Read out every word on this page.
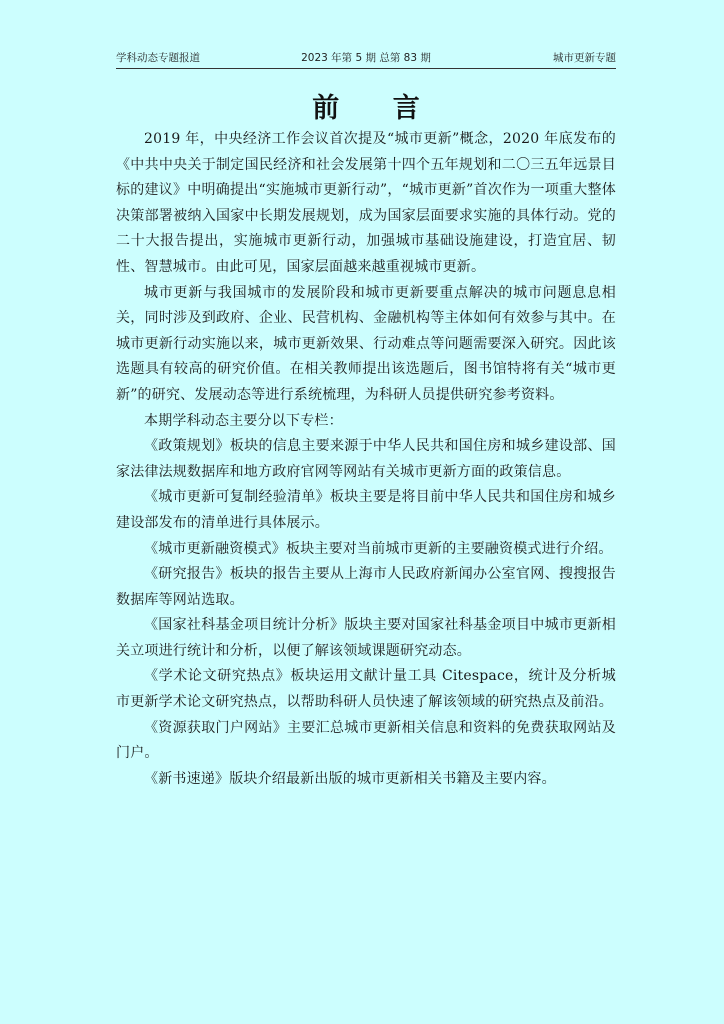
学科动态专题报道	2023 年第 5 期 总第 83 期	城市更新专题
前 言

2019 年，中央经济工作会议首次提及“城市更新”概念，2020 年底发布的《中共中央关于制定国民经济和社会发展第十四个五年规划和二〇三五年远景目标的建议》中明确提出“实施城市更新行动”，“城市更新”首次作为一项重大整体决策部署被纳入国家中长期发展规划，成为国家层面要求实施的具体行动。党的二十大报告提出，实施城市更新行动，加强城市基础设施建设，打造宜居、韧性、智慧城市。由此可见，国家层面越来越重视城市更新。

城市更新与我国城市的发展阶段和城市更新要重点解决的城市问题息息相关，同时涉及到政府、企业、民营机构、金融机构等主体如何有效参与其中。在城市更新行动实施以来，城市更新效果、行动难点等问题需要深入研究。因此该选题具有较高的研究价值。在相关教师提出该选题后，图书馆特将有关“城市更新”的研究、发展动态等进行系统梳理，为科研人员提供研究参考资料。

本期学科动态主要分以下专栏：

《政策规划》板块的信息主要来源于中华人民共和国住房和城乡建设部、国家法律法规数据库和地方政府官网等网站有关城市更新方面的政策信息。

《城市更新可复制经验清单》板块主要是将目前中华人民共和国住房和城乡建设部发布的清单进行具体展示。

《城市更新融资模式》板块主要对当前城市更新的主要融资模式进行介绍。

《研究报告》板块的报告主要从上海市人民政府新闻办公室官网、搜搜报告数据库等网站选取。

《国家社科基金项目统计分析》版块主要对国家社科基金项目中城市更新相关立项进行统计和分析，以便了解该领域课题研究动态。

《学术论文研究热点》板块运用文献计量工具 Citespace，统计及分析城市更新学术论文研究热点，以帮助科研人员快速了解该领域的研究热点及前沿。

《资源获取门户网站》主要汇总城市更新相关信息和资料的免费获取网站及门户。

《新书速递》版块介绍最新出版的城市更新相关书籍及主要内容。
